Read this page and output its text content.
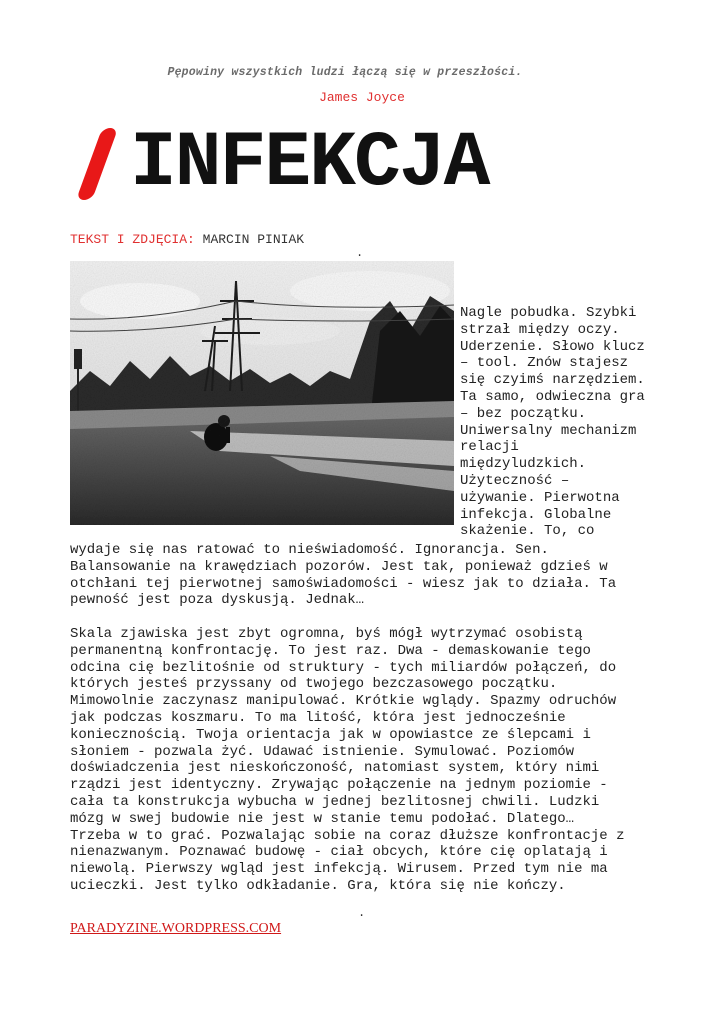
Pępowiny wszystkich ludzi łączą się w przeszłości.
James Joyce
INFEKCJA
TEKST I ZDJĘCIA: MARCIN PINIAK
.

Nagle pobudka. Szybki
strzał między oczy.
Uderzenie. Słowo klucz
– tool. Znów stajesz
się czyimś narzędziem.
Ta samo, odwieczna gra
– bez początku.
Uniwersalny mechanizm
relacji
międzyludzkich.
Użyteczność –
używanie. Pierwotna
infekcja. Globalne
skażenie. To, co

wydaje się nas ratować to nieświadomość. Ignorancja. Sen.
Balansowanie na krawędziach pozorów. Jest tak, ponieważ gdzieś w
otchłani tej pierwotnej samoświadomości - wiesz jak to działa. Ta
pewność jest poza dyskusją. Jednak…

Skala zjawiska jest zbyt ogromna, byś mógł wytrzymać osobistą
permanentną konfrontację. To jest raz. Dwa - demaskowanie tego
odcina cię bezlitośnie od struktury - tych miliardów połączeń, do
których jesteś przyssany od twojego bezczasowego początku.
Mimowolnie zaczynasz manipulować. Krótkie wglądy. Spazmy odruchów
jak podczas koszmaru. To ma litość, która jest jednocześnie
koniecznością. Twoja orientacja jak w opowiastce ze ślepcami i
słoniem - pozwala żyć. Udawać istnienie. Symulować. Poziomów
doświadczenia jest nieskończoność, natomiast system, który nimi
rządzi jest identyczny. Zrywając połączenie na jednym poziomie -
cała ta konstrukcja wybucha w jednej bezlitosnej chwili. Ludzki
mózg w swej budowie nie jest w stanie temu podołać. Dlatego…
Trzeba w to grać. Pozwalając sobie na coraz dłuższe konfrontacje z
nienazwanym. Poznawać budowę - ciał obcych, które cię oplatają i
niewolą. Pierwszy wgląd jest infekcją. Wirusem. Przed tym nie ma
ucieczki. Jest tylko odkładanie. Gra, która się nie kończy.

.
PARADYZINE.WORDPRESS.COM
